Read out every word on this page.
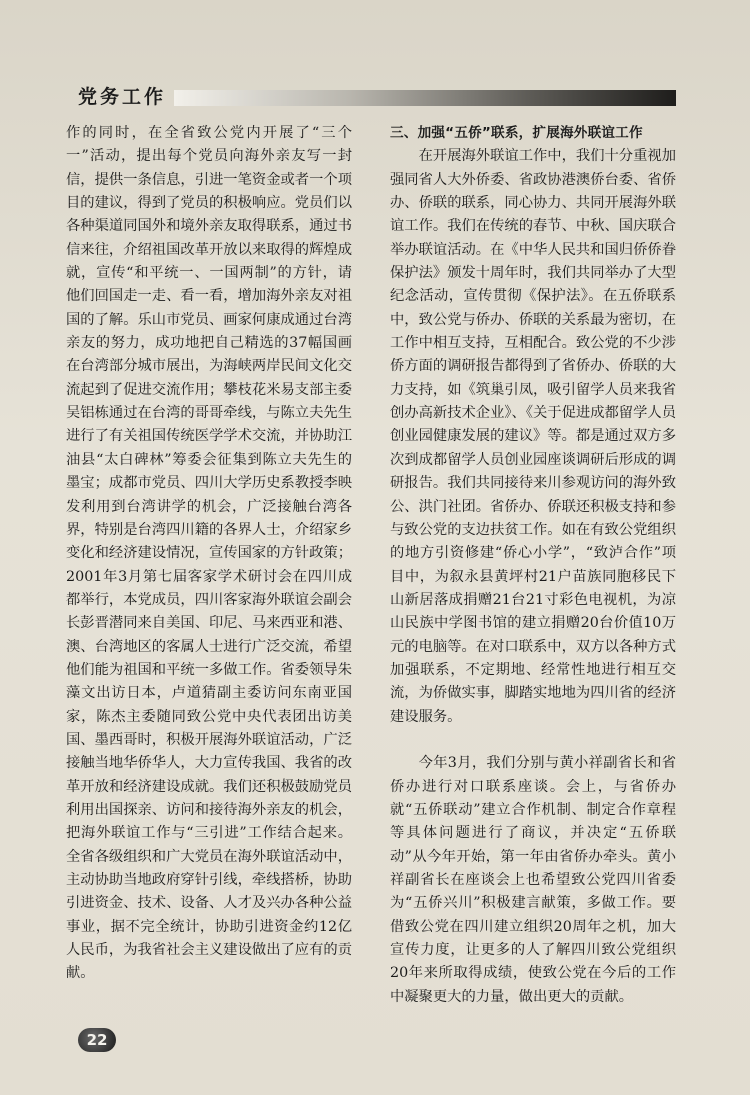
党务工作

作的同时，在全省致公党内开展了“三个一”活动，提出每个党员向海外亲友写一封信，提供一条信息，引进一笔资金或者一个项目的建议，得到了党员的积极响应。党员们以各种渠道同国外和境外亲友取得联系，通过书信来往，介绍祖国改革开放以来取得的辉煌成就，宣传“和平统一、一国两制”的方针，请他们回国走一走、看一看，增加海外亲友对祖国的了解。乐山市党员、画家何康成通过台湾亲友的努力，成功地把自己精选的37幅国画在台湾部分城市展出，为海峡两岸民间文化交流起到了促进交流作用；攀枝花米易支部主委吴铝栋通过在台湾的哥哥牵线，与陈立夫先生进行了有关祖国传统医学学术交流，并协助江油县“太白碑林”筹委会征集到陈立夫先生的墨宝；成都市党员、四川大学历史系教授李映发利用到台湾讲学的机会，广泛接触台湾各界，特别是台湾四川籍的各界人士，介绍家乡变化和经济建设情况，宣传国家的方针政策；2001年3月第七届客家学术研讨会在四川成都举行，本党成员，四川客家海外联谊会副会长彭晋潜同来自美国、印尼、马来西亚和港、澳、台湾地区的客属人士进行广泛交流，希望他们能为祖国和平统一多做工作。省委领导朱藻文出访日本，卢道猜副主委访问东南亚国家，陈杰主委随同致公党中央代表团出访美国、墨西哥时，积极开展海外联谊活动，广泛接触当地华侨华人，大力宣传我国、我省的改革开放和经济建设成就。我们还积极鼓励党员利用出国探亲、访问和接待海外亲友的机会，把海外联谊工作与“三引进”工作结合起来。全省各级组织和广大党员在海外联谊活动中，主动协助当地政府穿针引线，牵线搭桥，协助引进资金、技术、设备、人才及兴办各种公益事业，据不完全统计，协助引进资金约12亿人民币，为我省社会主义建设做出了应有的贡献。

三、加强“五侨”联系，扩展海外联谊工作

在开展海外联谊工作中，我们十分重视加强同省人大外侨委、省政协港澳侨台委、省侨办、侨联的联系，同心协力、共同开展海外联谊工作。我们在传统的春节、中秋、国庆联合举办联谊活动。在《中华人民共和国归侨侨眷保护法》颁发十周年时，我们共同举办了大型纪念活动，宣传贯彻《保护法》。在五侨联系中，致公党与侨办、侨联的关系最为密切，在工作中相互支持，互相配合。致公党的不少涉侨方面的调研报告都得到了省侨办、侨联的大力支持，如《筑巢引凤，吸引留学人员来我省创办高新技术企业》、《关于促进成都留学人员创业园健康发展的建议》等。都是通过双方多次到成都留学人员创业园座谈调研后形成的调研报告。我们共同接待来川参观访问的海外致公、洪门社团。省侨办、侨联还积极支持和参与致公党的支边扶贫工作。如在有致公党组织的地方引资修建“侨心小学”，“致泸合作”项目中，为叙永县黄坪村21户苗族同胞移民下山新居落成捐赠21台21寸彩色电视机，为凉山民族中学图书馆的建立捐赠20台价值10万元的电脑等。在对口联系中，双方以各种方式加强联系，不定期地、经常性地进行相互交流，为侨做实事，脚踏实地地为四川省的经济建设服务。

今年3月，我们分别与黄小祥副省长和省侨办进行对口联系座谈。会上，与省侨办就“五侨联动”建立合作机制、制定合作章程等具体问题进行了商议，并决定“五侨联动”从今年开始，第一年由省侨办牵头。黄小祥副省长在座谈会上也希望致公党四川省委为“五侨兴川”积极建言献策，多做工作。要借致公党在四川建立组织20周年之机，加大宣传力度，让更多的人了解四川致公党组织20年来所取得成绩，使致公党在今后的工作中凝聚更大的力量，做出更大的贡献。

22
